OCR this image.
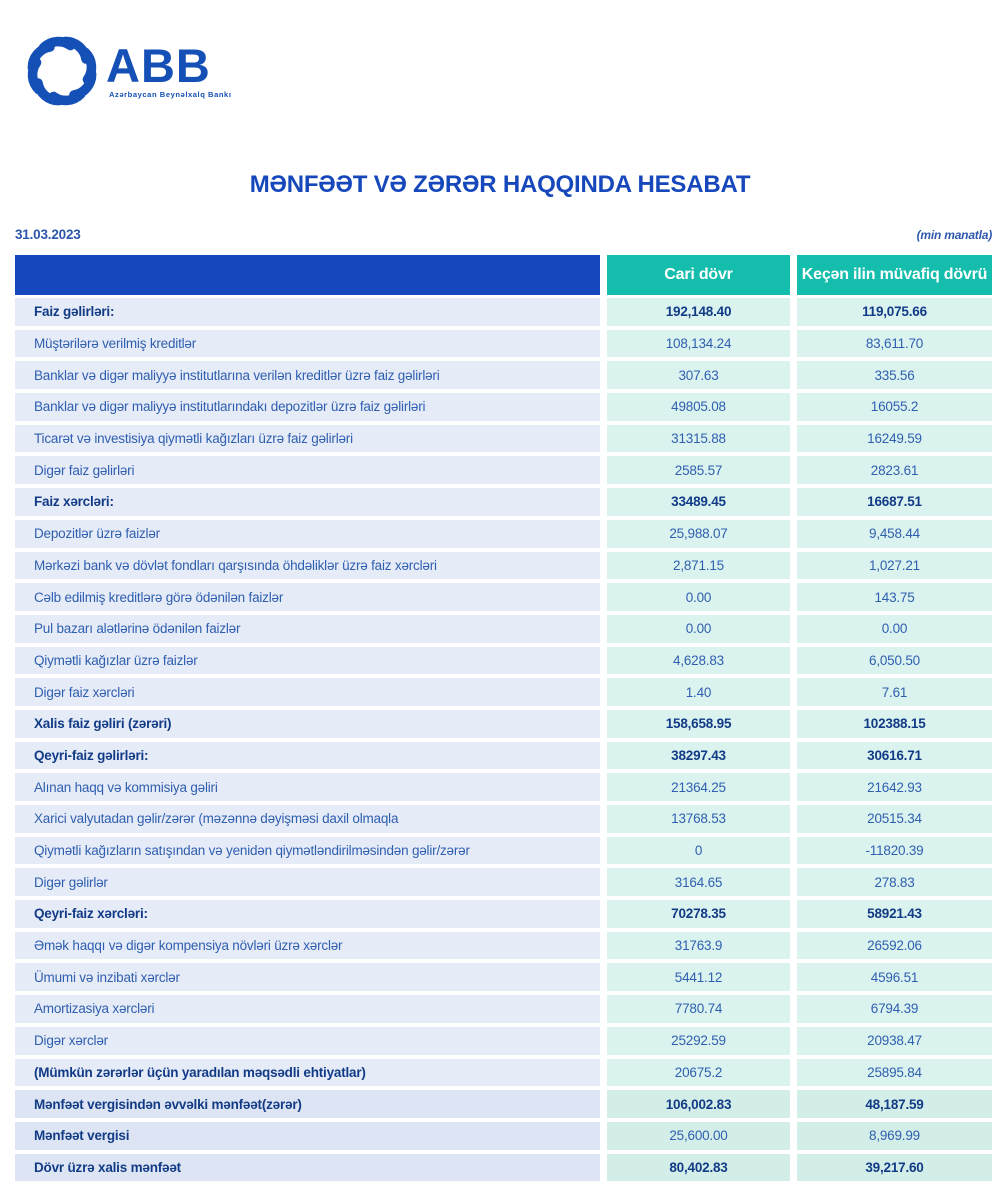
ABB
Azərbaycan Beynəlxalq Bankı
MƏNFƏƏT VƏ ZƏRƏR HAQQINDA HESABAT
31.03.2023	(min manatla)
Cari dövr	Keçən ilin müvafiq dövrü
Faiz gəlirləri:	192,148.40	119,075.66
Müştərilərə verilmiş kreditlər	108,134.24	83,611.70
Banklar və digər maliyyə institutlarına verilən kreditlər üzrə faiz gəlirləri	307.63	335.56
Banklar və digər maliyyə institutlarındakı depozitlər üzrə faiz gəlirləri	49805.08	16055.2
Ticarət və investisiya qiymətli kağızları üzrə faiz gəlirləri	31315.88	16249.59
Digər faiz gəlirləri	2585.57	2823.61
Faiz xərcləri:	33489.45	16687.51
Depozitlər üzrə faizlər	25,988.07	9,458.44
Mərkəzi bank və dövlət fondları qarşısında öhdəliklər üzrə faiz xərcləri	2,871.15	1,027.21
Cəlb edilmiş kreditlərə görə ödənilən faizlər	0.00	143.75
Pul bazarı alətlərinə ödənilən faizlər	0.00	0.00
Qiymətli kağızlar üzrə faizlər	4,628.83	6,050.50
Digər faiz xərcləri	1.40	7.61
Xalis faiz gəliri (zərəri)	158,658.95	102388.15
Qeyri-faiz gəlirləri:	38297.43	30616.71
Alınan haqq və kommisiya gəliri	21364.25	21642.93
Xarici valyutadan gəlir/zərər (məzənnə dəyişməsi daxil olmaqla	13768.53	20515.34
Qiymətli kağızların satışından və yenidən qiymətləndirilməsindən gəlir/zərər	0	-11820.39
Digər gəlirlər	3164.65	278.83
Qeyri-faiz xərcləri:	70278.35	58921.43
Əmək haqqı və digər kompensiya növləri üzrə xərclər	31763.9	26592.06
Ümumi və inzibati xərclər	5441.12	4596.51
Amortizasiya xərcləri	7780.74	6794.39
Digər xərclər	25292.59	20938.47
(Mümkün zərərlər üçün yaradılan məqsədli ehtiyatlar)	20675.2	25895.84
Mənfəət vergisindən əvvəlki mənfəət(zərər)	106,002.83	48,187.59
Mənfəət vergisi	25,600.00	8,969.99
Dövr üzrə xalis mənfəət	80,402.83	39,217.60
